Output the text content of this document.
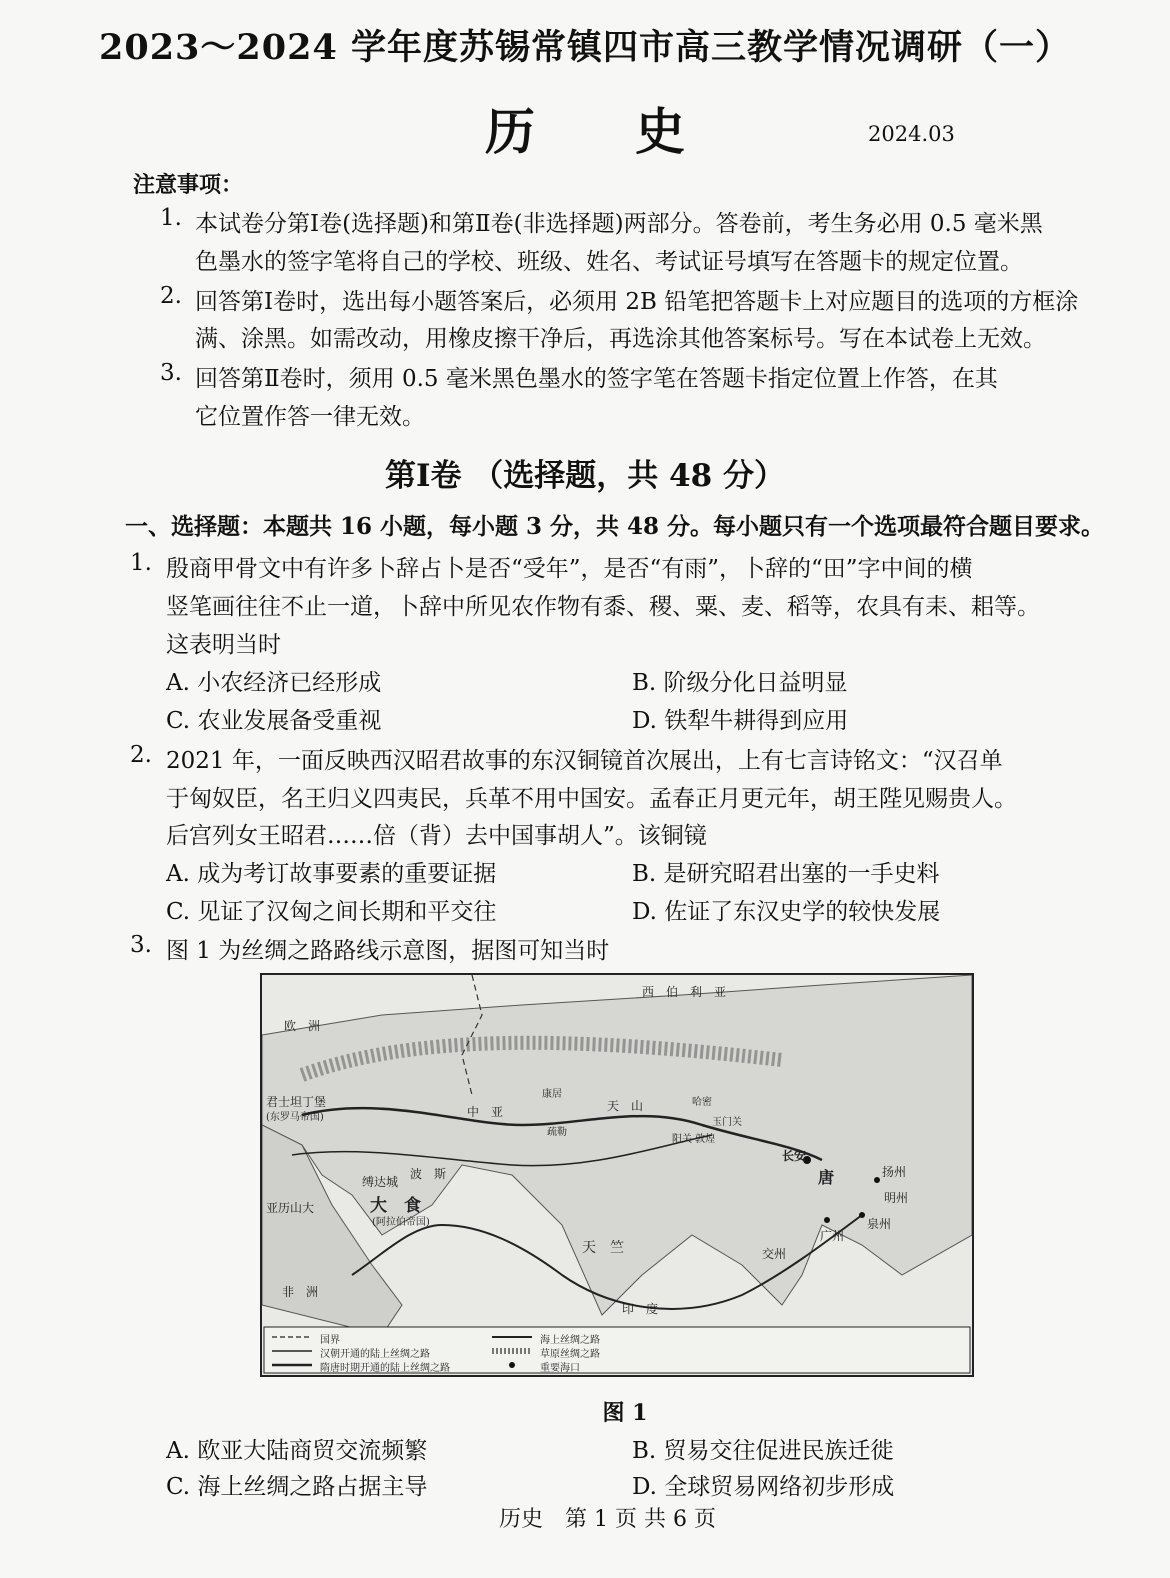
2023～2024 学年度苏锡常镇四市高三教学情况调研（一）
历史	2024.03
注意事项：
1. 本试卷分第Ⅰ卷(选择题)和第Ⅱ卷(非选择题)两部分。答卷前，考生务必用 0.5 毫米黑
色墨水的签字笔将自己的学校、班级、姓名、考试证号填写在答题卡的规定位置。
2. 回答第Ⅰ卷时，选出每小题答案后，必须用 2B 铅笔把答题卡上对应题目的选项的方框涂
满、涂黑。如需改动，用橡皮擦干净后，再选涂其他答案标号。写在本试卷上无效。
3. 回答第Ⅱ卷时，须用 0.5 毫米黑色墨水的签字笔在答题卡指定位置上作答，在其
它位置作答一律无效。
第Ⅰ卷 （选择题，共 48 分）
一、选择题：本题共 16 小题，每小题 3 分，共 48 分。每小题只有一个选项最符合题目要求。
1. 殷商甲骨文中有许多卜辞占卜是否“受年”，是否“有雨”，卜辞的“田”字中间的横
竖笔画往往不止一道，卜辞中所见农作物有黍、稷、粟、麦、稻等，农具有耒、耜等。
这表明当时
A. 小农经济已经形成	B. 阶级分化日益明显
C. 农业发展备受重视	D. 铁犁牛耕得到应用
2. 2021 年，一面反映西汉昭君故事的东汉铜镜首次展出，上有七言诗铭文：“汉召单
于匈奴臣，名王归义四夷民，兵革不用中国安。孟春正月更元年，胡王陛见赐贵人。
后宫列女王昭君……倍（背）去中国事胡人”。该铜镜
A. 成为考订故事要素的重要证据	B. 是研究昭君出塞的一手史料
C. 见证了汉匈之间长期和平交往	D. 佐证了东汉史学的较快发展
3. 图 1 为丝绸之路路线示意图，据图可知当时
西　伯　利　亚
欧　洲
君士坦丁堡
(东罗马帝国)	中　亚
波　斯
缚达城
大　食
(阿拉伯帝国)
亚历山大
天　竺
非　洲
长安
唐	扬州
明州
泉州
广州
交州
阳关 敦煌
玉门关
天　山
疏勒
哈密
印　度
康居
国界
汉朝开通的陆上丝绸之路
隋唐时期开通的陆上丝绸之路
海上丝绸之路
草原丝绸之路
重要海口
图 1
A. 欧亚大陆商贸交流频繁	B. 贸易交往促进民族迁徙
C. 海上丝绸之路占据主导	D. 全球贸易网络初步形成
历史　第 1 页 共 6 页
